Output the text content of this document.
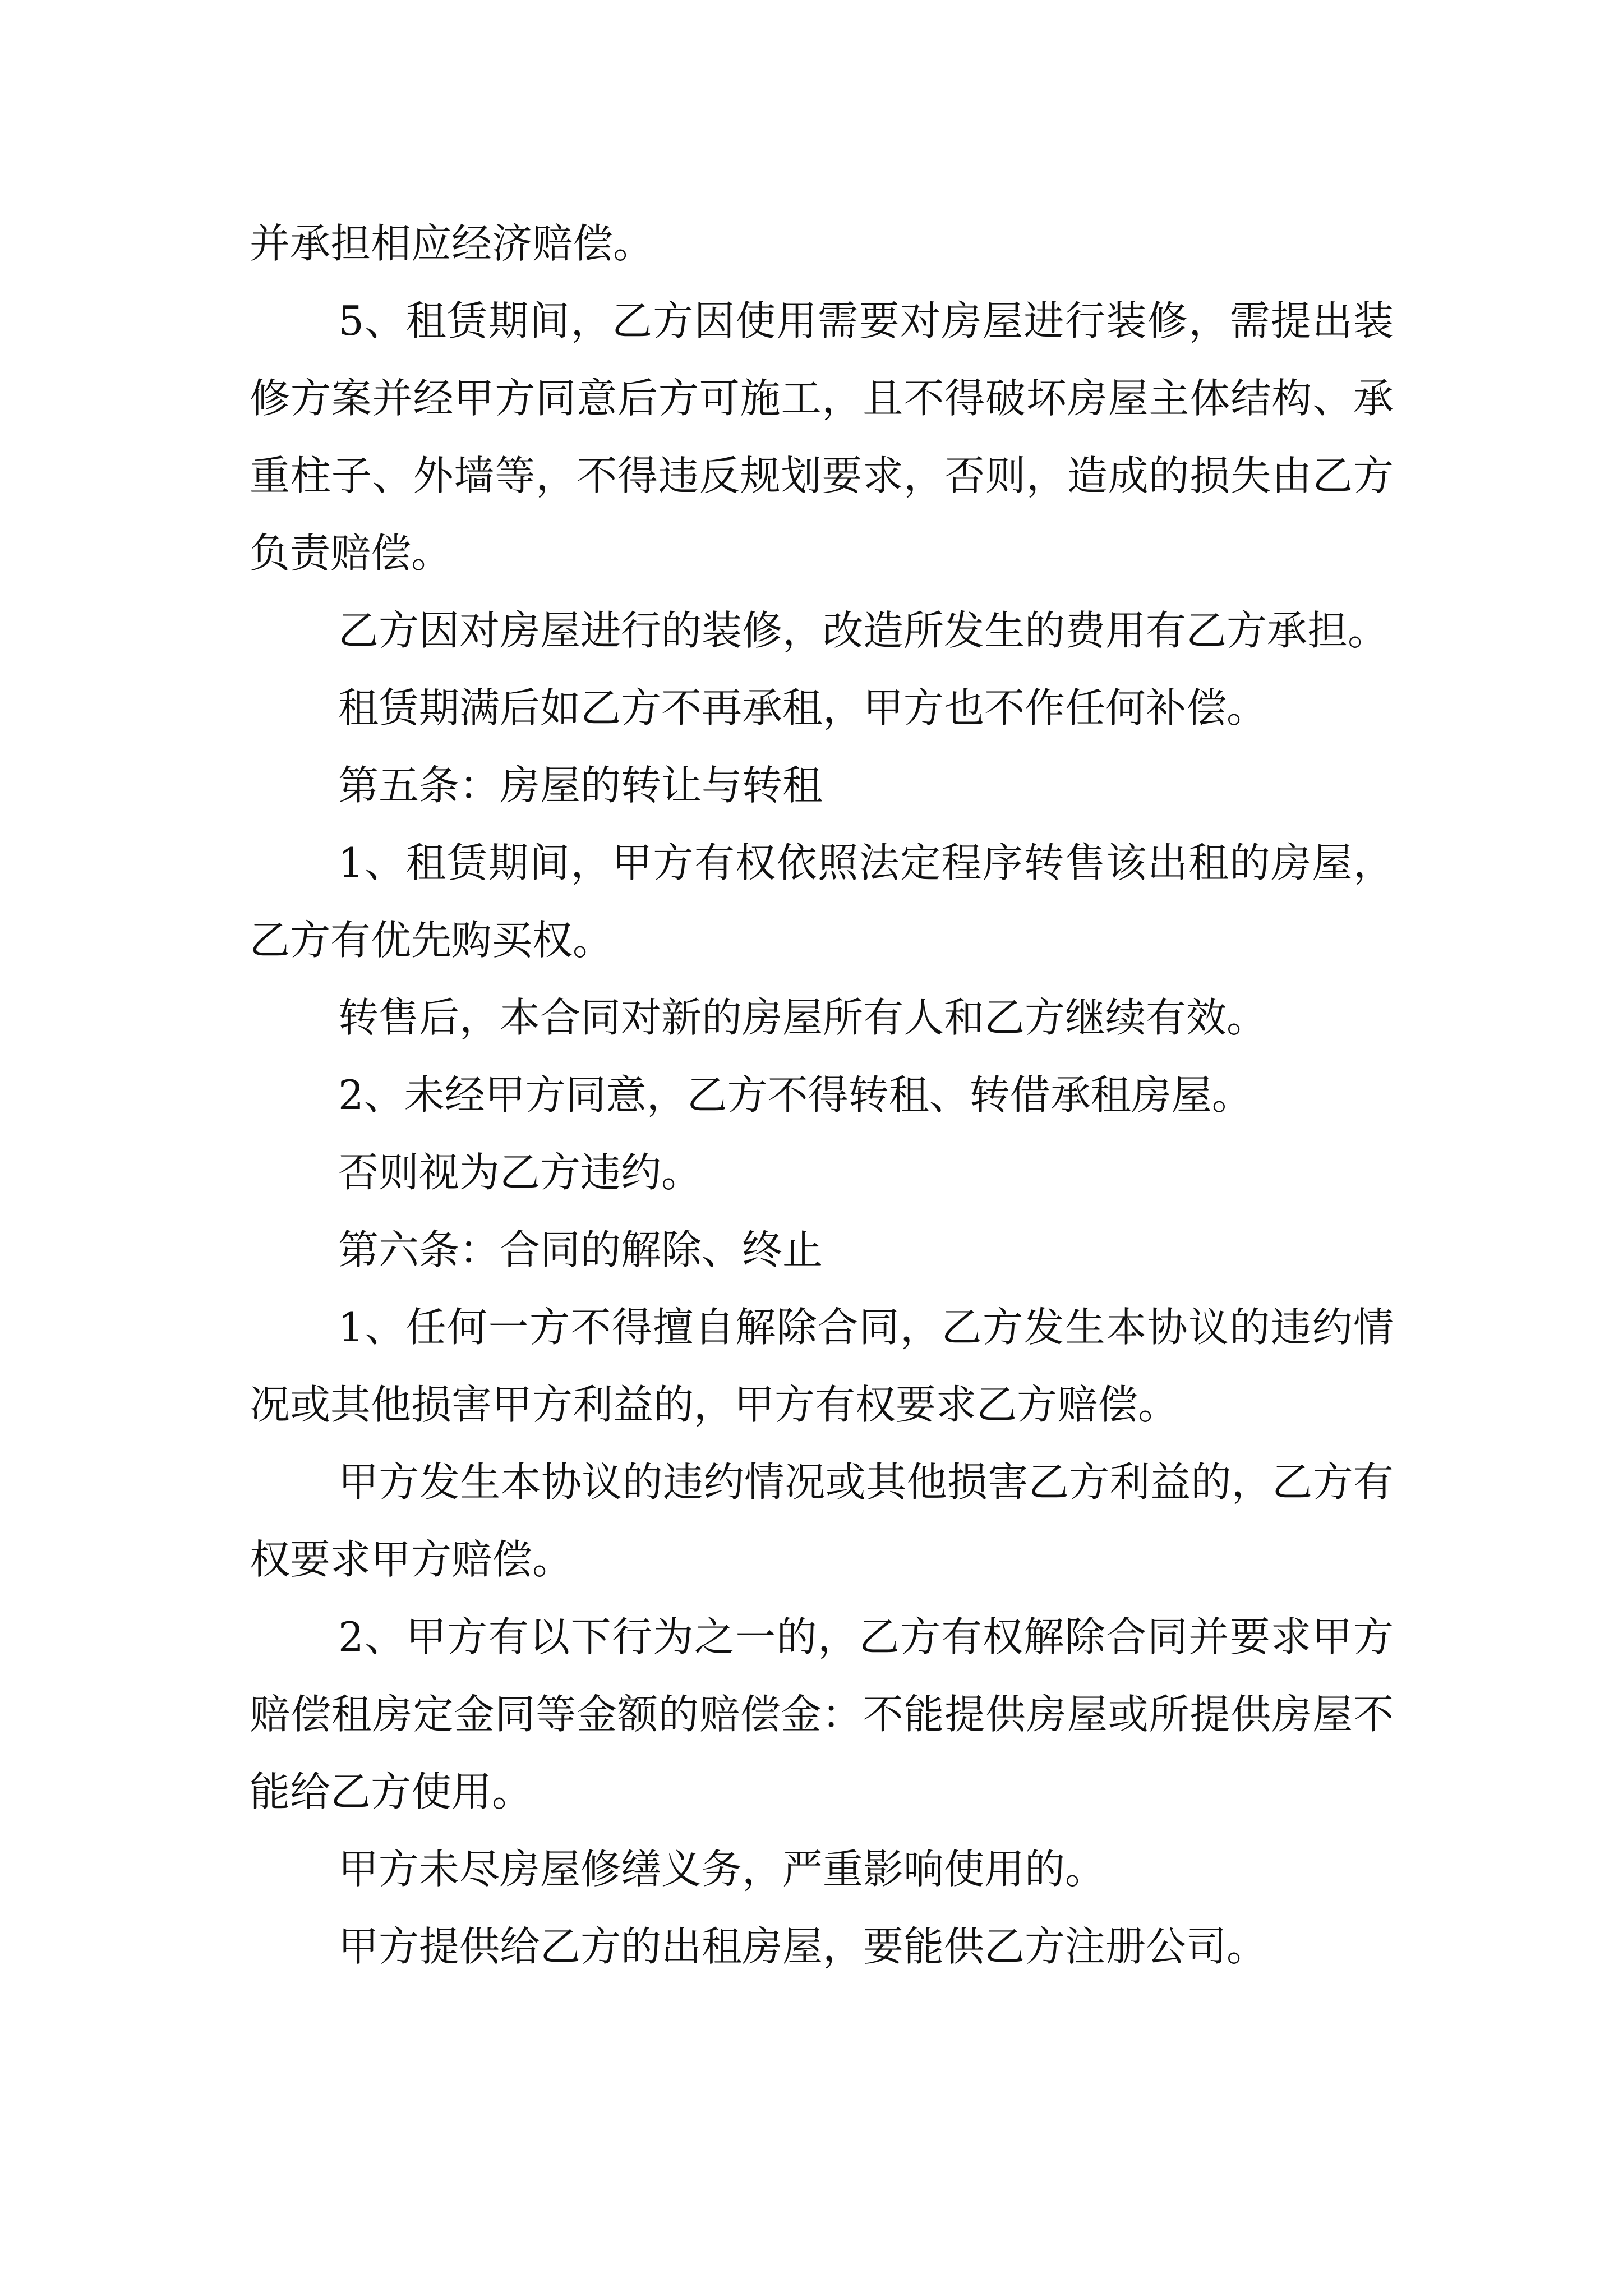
并承担相应经济赔偿。

5、租赁期间，乙方因使用需要对房屋进行装修，需提出装修方案并经甲方同意后方可施工，且不得破坏房屋主体结构、承重柱子、外墙等，不得违反规划要求，否则，造成的损失由乙方负责赔偿。

乙方因对房屋进行的装修，改造所发生的费用有乙方承担。

租赁期满后如乙方不再承租，甲方也不作任何补偿。

第五条：房屋的转让与转租

1、租赁期间，甲方有权依照法定程序转售该出租的房屋，乙方有优先购买权。

转售后，本合同对新的房屋所有人和乙方继续有效。

2、未经甲方同意，乙方不得转租、转借承租房屋。

否则视为乙方违约。

第六条：合同的解除、终止

1、任何一方不得擅自解除合同，乙方发生本协议的违约情况或其他损害甲方利益的，甲方有权要求乙方赔偿。

甲方发生本协议的违约情况或其他损害乙方利益的，乙方有权要求甲方赔偿。

2、甲方有以下行为之一的，乙方有权解除合同并要求甲方赔偿租房定金同等金额的赔偿金：不能提供房屋或所提供房屋不能给乙方使用。

甲方未尽房屋修缮义务，严重影响使用的。

甲方提供给乙方的出租房屋，要能供乙方注册公司。
